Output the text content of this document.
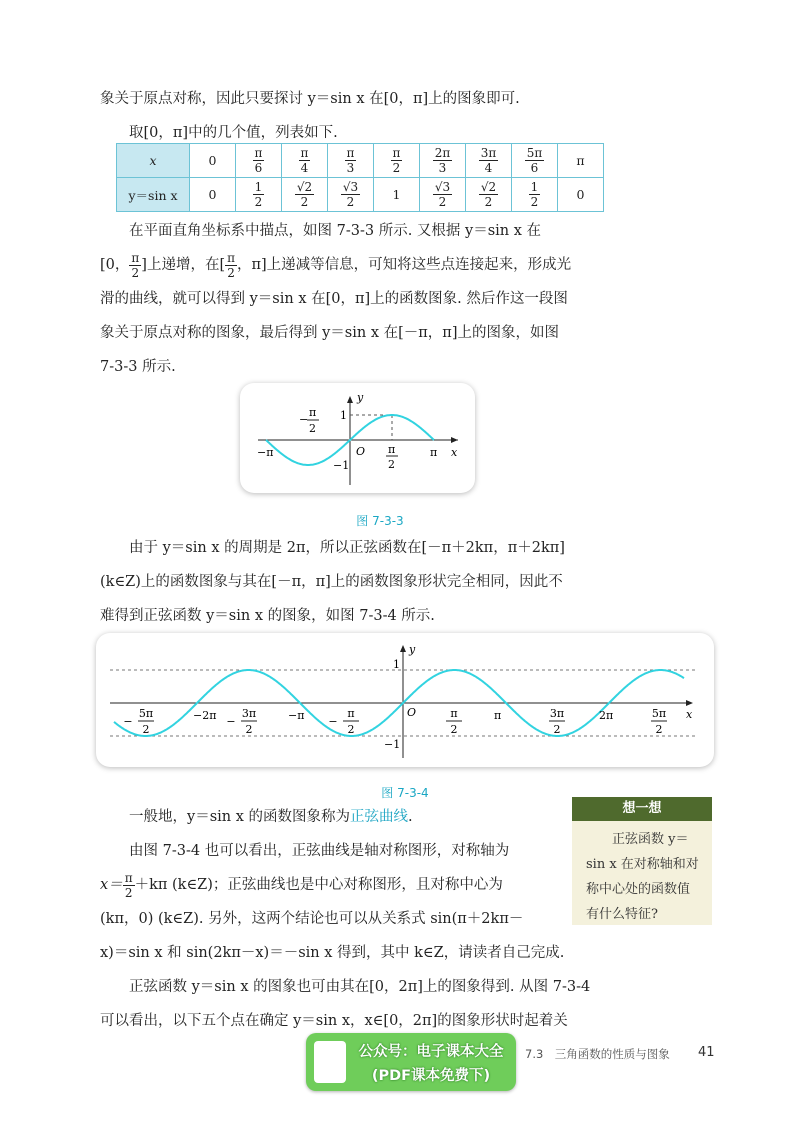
象关于原点对称，因此只要探讨 y＝sin x 在[0，π]上的图象即可.

取[0，π]中的几个值，列表如下.

x	0	$\frac{\pi}{6}$	$\frac{\pi}{4}$	$\frac{\pi}{3}$	$\frac{\pi}{2}$	$\frac{2\pi}{3}$	$\frac{3\pi}{4}$	$\frac{5\pi}{6}$	π
y＝sin x	0	$\frac{1}{2}$	$\frac{√2}{2}$	$\frac{√3}{2}$	1	$\frac{√3}{2}$	$\frac{√2}{2}$	$\frac{1}{2}$	0

在平面直角坐标系中描点，如图 7-3-3 所示. 又根据 y＝sin x 在

[0， $\frac{\pi}{2}$ ]上递增，在[ $\frac{\pi}{2}$ ，π]上递减等信息，可知将这些点连接起来，形成光

滑的曲线，就可以得到 y＝sin x 在[0，π]上的函数图象. 然后作这一段图

象关于原点对称的图象，最后得到 y＝sin x 在[－π，π]上的图象，如图

7-3-3 所示.

y
x
1
−1
O
−π	π
π
2
−
π
2
图 7-3-3

由于 y＝sin x 的周期是 2π，所以正弦函数在[－π＋2kπ，π＋2kπ]

(k∈Z)上的函数图象与其在[－π，π]上的函数图象形状完全相同，因此不

难得到正弦函数 y＝sin x 的图象，如图 7-3-4 所示.

y
x
1
−1
O
−2π	−π	π	2π
5π
2
−
3π
2
−
π
2
−
π
2
3π
2
5π
2
图 7-3-4

一般地，y＝sin x 的函数图象称为正弦曲线.

由图 7-3-4 也可以看出，正弦曲线是轴对称图形，对称轴为

$x= \frac{\pi}{2} +k\pi$ (k∈Z)；正弦曲线也是中心对称图形，且对称中心为

(kπ，0) (k∈Z). 另外，这两个结论也可以从关系式 sin(π＋2kπ－

x)＝sin x 和 sin(2kπ－x)＝－sin x 得到，其中 k∈Z，请读者自己完成.

正弦函数 y＝sin x 的图象也可由其在[0，2π]上的图象得到. 从图 7-3-4

可以看出，以下五个点在确定 y＝sin x，x∈[0，2π]的图象形状时起着关

想一想
正弦函数 y＝sin x 在对称轴和对称中心处的函数值有什么特征?
公众号：电子课本大全
(PDF课本免费下)
7.3　三角函数的性质与图象 41
